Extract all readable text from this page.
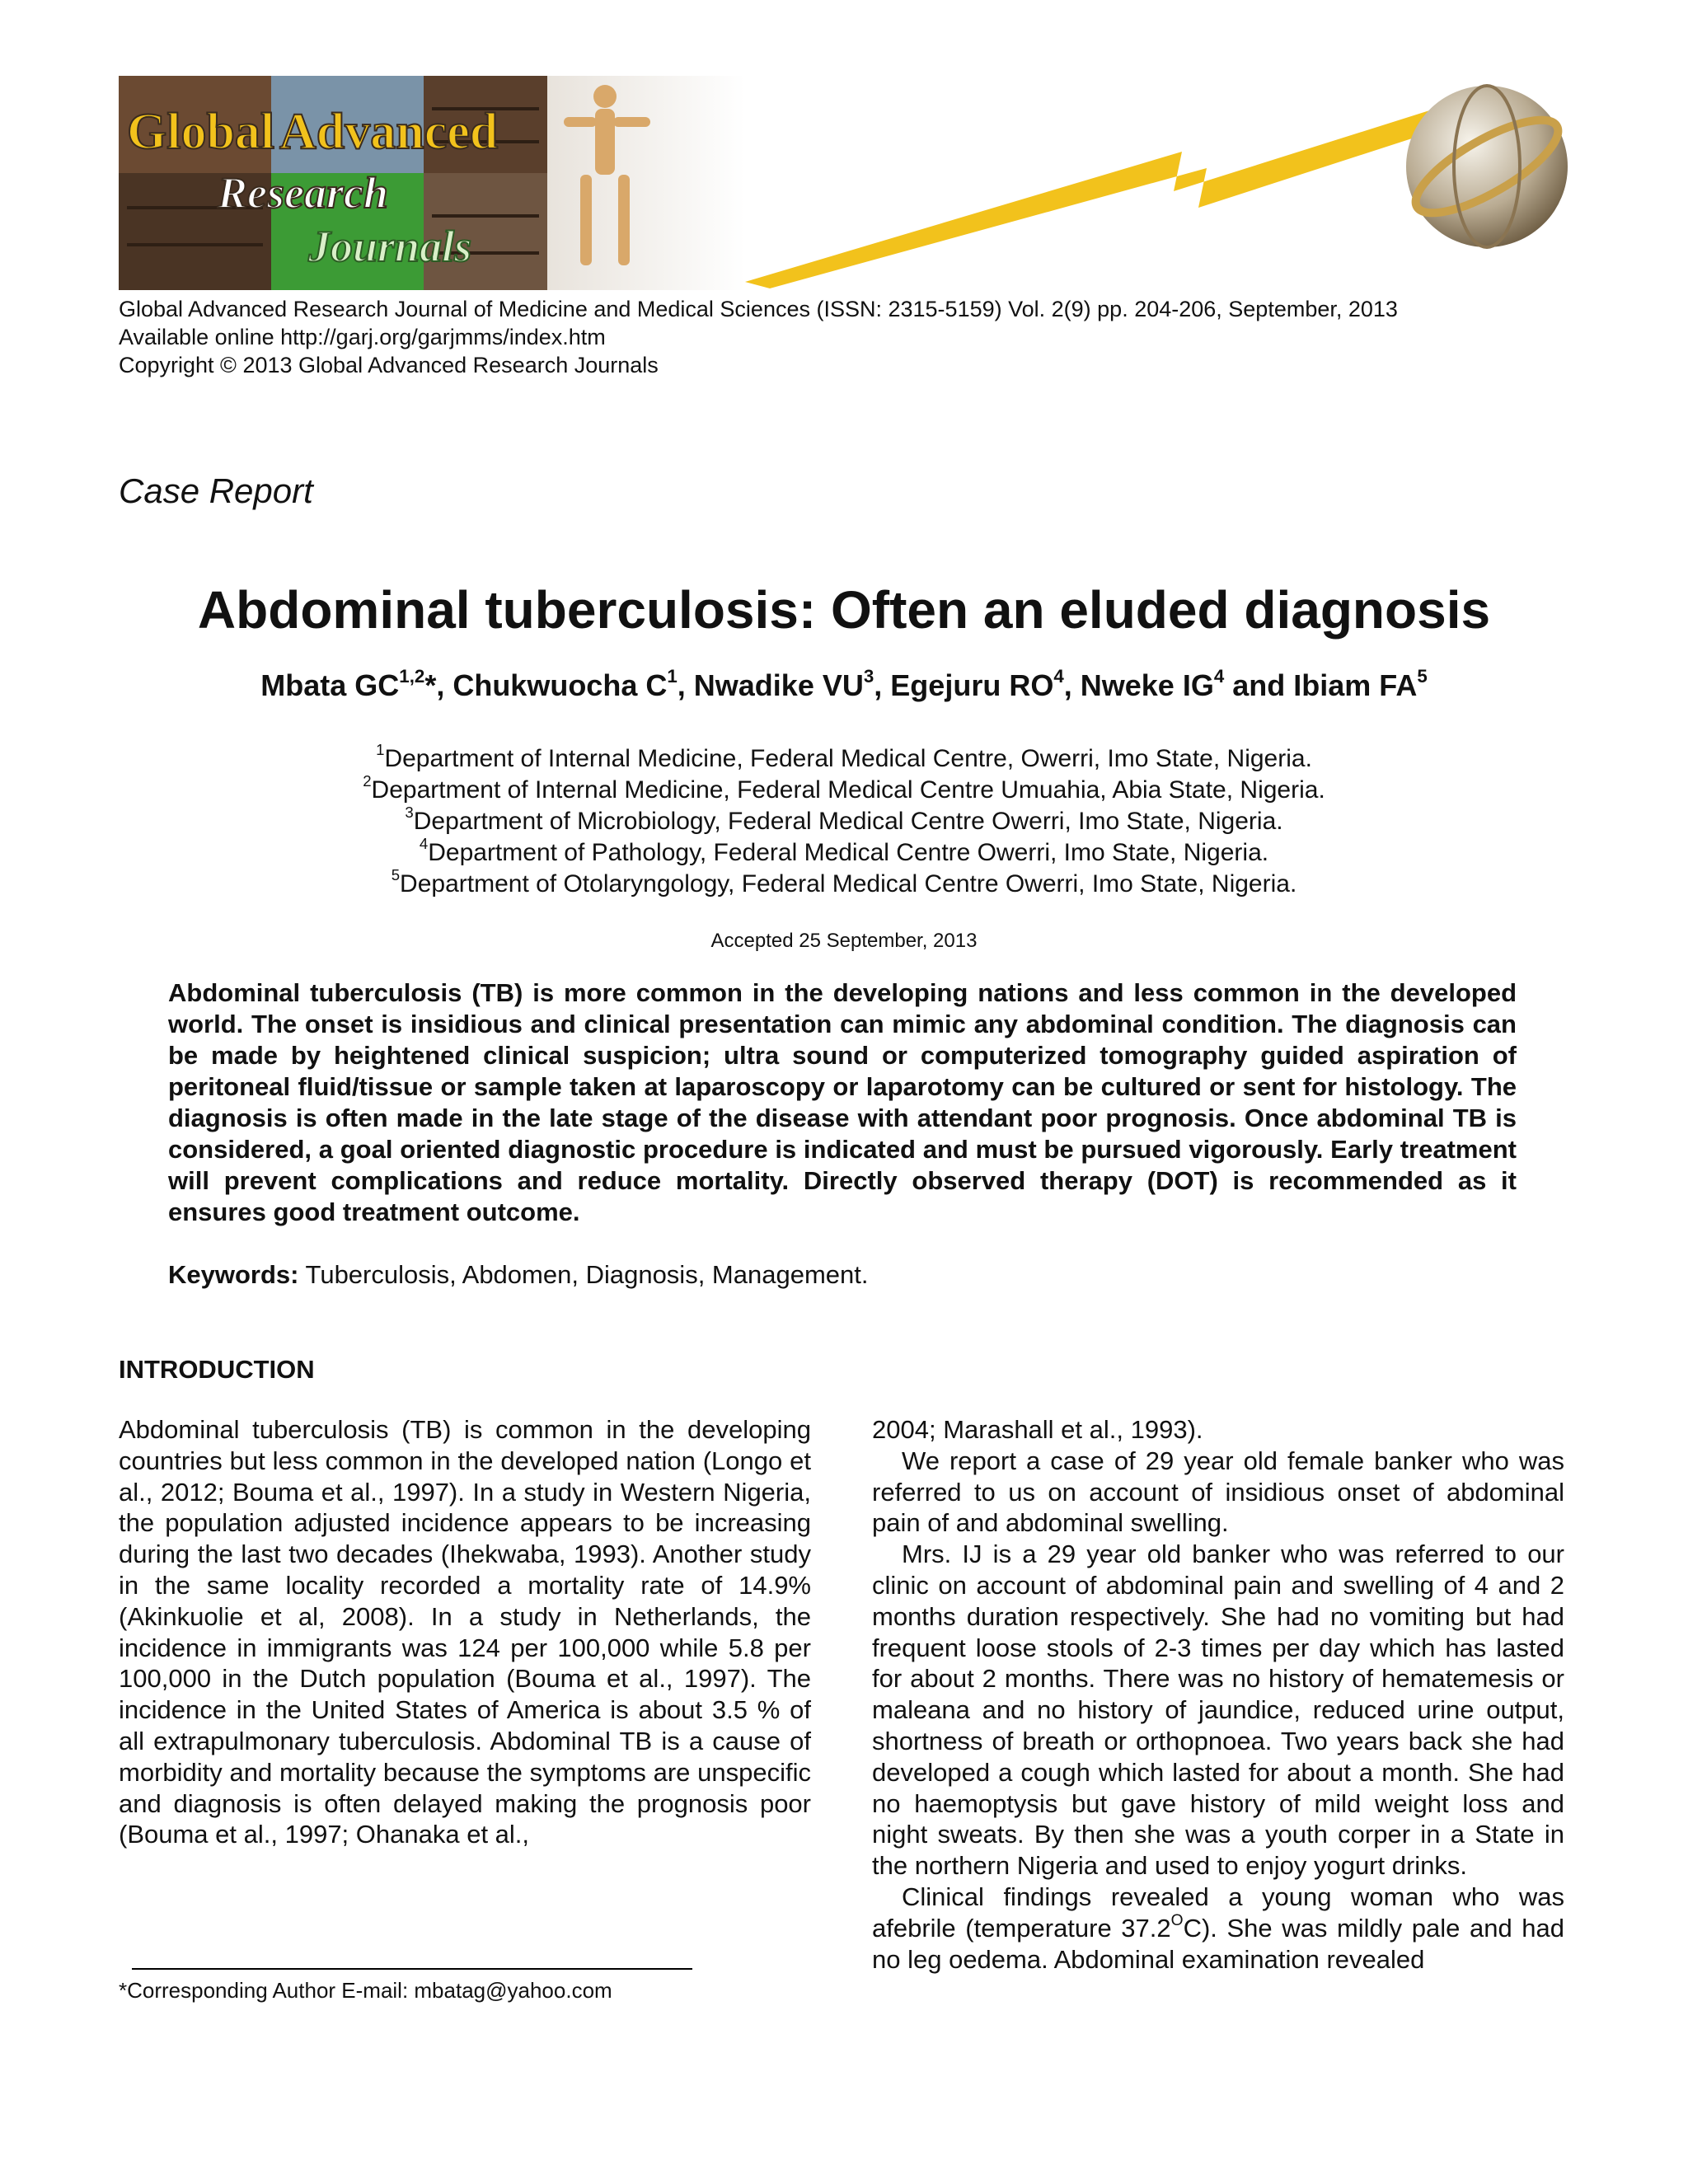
Global Advanced
Research
Journals
Global Advanced Research Journal of Medicine and Medical Sciences (ISSN: 2315-5159) Vol. 2(9) pp. 204-206, September, 2013
Available online http://garj.org/garjmms/index.htm
Copyright © 2013 Global Advanced Research Journals
Case Report
Abdominal tuberculosis: Often an eluded diagnosis
Mbata GC$^{1,2}$*, Chukwuocha $C^1$, Nwadike $VU^3$, Egejuru $RO^4$, Nweke $IG^4$ and Ibiam $FA^5$
$^1$Department of Internal Medicine, Federal Medical Centre, Owerri, Imo State, Nigeria.
$^2$Department of Internal Medicine, Federal Medical Centre Umuahia, Abia State, Nigeria.
$^3$Department of Microbiology, Federal Medical Centre Owerri, Imo State, Nigeria.
$^4$Department of Pathology, Federal Medical Centre Owerri, Imo State, Nigeria.
$^5$Department of Otolaryngology, Federal Medical Centre Owerri, Imo State, Nigeria.
Accepted 25 September, 2013

Abdominal tuberculosis (TB) is more common in the developing nations and less common in the developed world. The onset is insidious and clinical presentation can mimic any abdominal condition. The diagnosis can be made by heightened clinical suspicion; ultra sound or computerized tomography guided aspiration of peritoneal fluid/tissue or sample taken at laparoscopy or laparotomy can be cultured or sent for histology. The diagnosis is often made in the late stage of the disease with attendant poor prognosis. Once abdominal TB is considered, a goal oriented diagnostic procedure is indicated and must be pursued vigorously. Early treatment will prevent complications and reduce mortality. Directly observed therapy (DOT) is recommended as it ensures good treatment outcome.

Keywords: Tuberculosis, Abdomen, Diagnosis, Management.
INTRODUCTION

Abdominal tuberculosis (TB) is common in the developing countries but less common in the developed nation (Longo et al., 2012; Bouma et al., 1997). In a study in Western Nigeria, the population adjusted incidence appears to be increasing during the last two decades (Ihekwaba, 1993). Another study in the same locality recorded a mortality rate of 14.9% (Akinkuolie et al, 2008). In a study in Netherlands, the incidence in immigrants was 124 per 100,000 while 5.8 per 100,000 in the Dutch population (Bouma et al., 1997). The incidence in the United States of America is about 3.5 % of all extrapulmonary tuberculosis. Abdominal TB is a cause of morbidity and mortality because the symptoms are unspecific and diagnosis is often delayed making the prognosis poor (Bouma et al., 1997; Ohanaka et al.,

*Corresponding Author E-mail: mbatag@yahoo.com

2004; Marashall et al., 1993).

We report a case of 29 year old female banker who was referred to us on account of insidious onset of abdominal pain of and abdominal swelling.

Mrs. IJ is a 29 year old banker who was referred to our clinic on account of abdominal pain and swelling of 4 and 2 months duration respectively. She had no vomiting but had frequent loose stools of 2-3 times per day which has lasted for about 2 months. There was no history of hematemesis or maleana and no history of jaundice, reduced urine output, shortness of breath or orthopnoea. Two years back she had developed a cough which lasted for about a month. She had no haemoptysis but gave history of mild weight loss and night sweats. By then she was a youth corper in a State in the northern Nigeria and used to enjoy yogurt drinks.

Clinical findings revealed a young woman who was afebrile (temperature $37.2^OC$). She was mildly pale and had no leg oedema. Abdominal examination revealed
